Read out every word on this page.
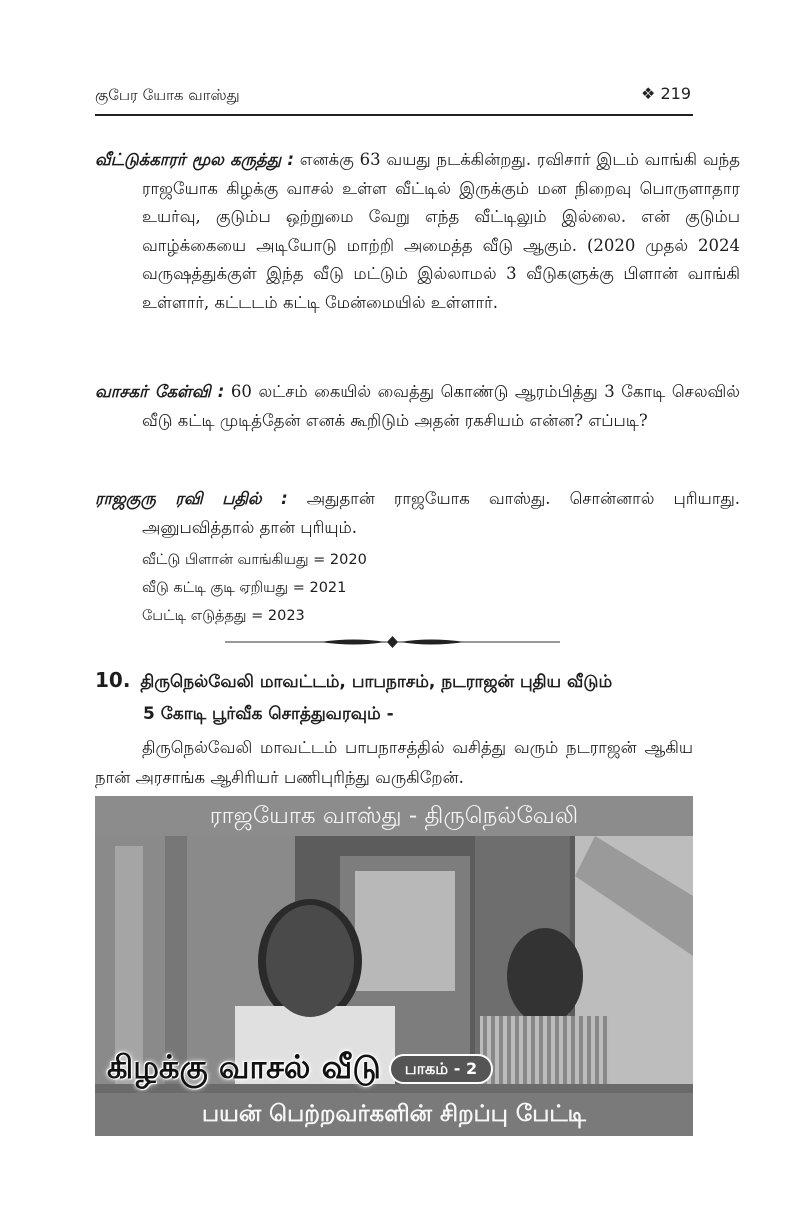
குபேர யோக வாஸ்து	❖ 219
வீட்டுக்காரர் மூல கருத்து : எனக்கு 63 வயது நடக்கின்றது. ரவிசார் இடம் வாங்கி வந்த ராஜயோக கிழக்கு வாசல் உள்ள வீட்டில் இருக்கும் மன நிறைவு பொருளாதார உயர்வு, குடும்ப ஒற்றுமை வேறு எந்த வீட்டிலும் இல்லை. என் குடும்ப வாழ்க்கையை அடியோடு மாற்றி அமைத்த வீடு ஆகும். (2020 முதல் 2024 வருஷத்துக்குள் இந்த வீடு மட்டும் இல்லாமல் 3 வீடுகளுக்கு பிளான் வாங்கி உள்ளார், கட்டடம் கட்டி மேன்மையில் உள்ளார்.
வாசகர் கேள்வி : 60 லட்சம் கையில் வைத்து கொண்டு ஆரம்பித்து 3 கோடி செலவில் வீடு கட்டி முடித்தேன் எனக் கூறிடும் அதன் ரகசியம் என்ன? எப்படி?
ராஜகுரு ரவி பதில் : அதுதான் ராஜயோக வாஸ்து. சொன்னால் புரியாது. அனுபவித்தால் தான் புரியும்.
வீட்டு பிளான் வாங்கியது = 2020
வீடு கட்டி குடி ஏறியது = 2021
பேட்டி எடுத்தது = 2023
10. திருநெல்வேலி மாவட்டம், பாபநாசம், நடராஜன் புதிய வீடும்
5 கோடி பூர்வீக சொத்துவரவும் -
திருநெல்வேலி மாவட்டம் பாபநாசத்தில் வசித்து வரும் நடராஜன் ஆகிய நான் அரசாங்க ஆசிரியர் பணிபுரிந்து வருகிறேன்.
ராஜயோக வாஸ்து - திருநெல்வேலி
கிழக்கு வாசல் வீடு பாகம் - 2
பயன் பெற்றவர்களின் சிறப்பு பேட்டி
